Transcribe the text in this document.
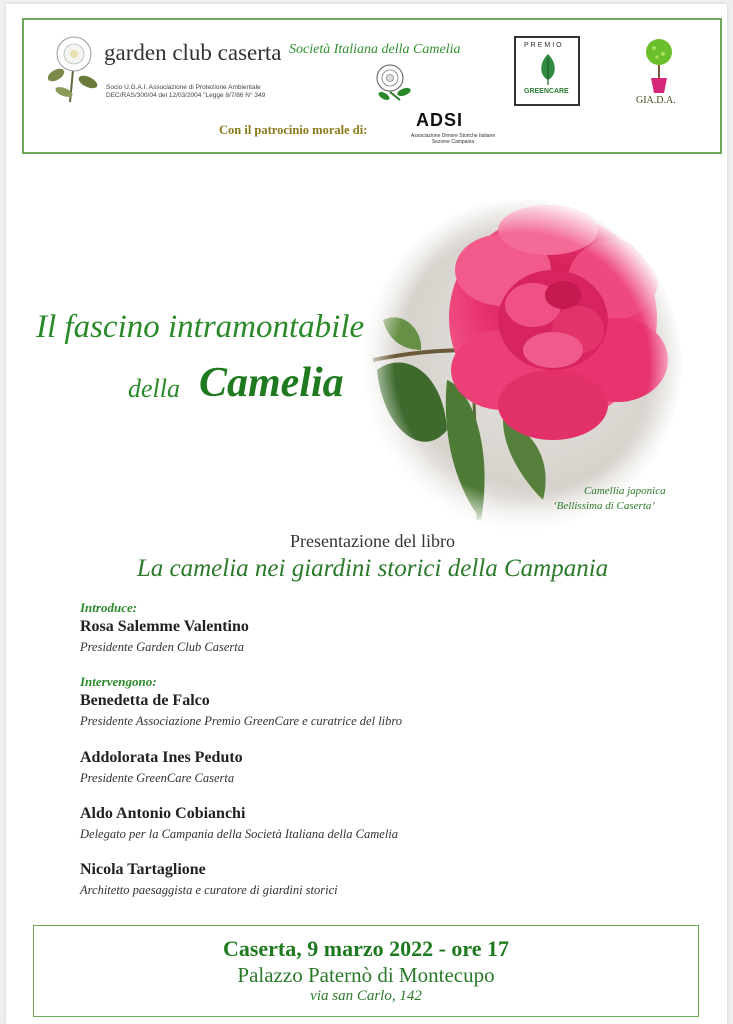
garden club caserta
Socio U.G.A.I. Associazione di Protezione Ambientale
DEC/RAS/300/04 del 12/03/2004 "Legge 8/7/86 N° 349
Società Italiana della Camelia	PREMIO
GREENCARE
GIA.D.A.
Con il patrocinio morale di:	ADSI
Associazione Dimore Storiche Italiane
Sezione Campania
Il fascino intramontabile
della Camelia
Camellia japonica
‘Bellissima di Caserta’
Presentazione del libro
La camelia nei giardini storici della Campania
Introduce:
Rosa Salemme Valentino
Presidente Garden Club Caserta
Intervengono:
Benedetta de Falco
Presidente Associazione Premio GreenCare e curatrice del libro
Addolorata Ines Peduto
Presidente GreenCare Caserta
Aldo Antonio Cobianchi
Delegato per la Campania della Società Italiana della Camelia
Nicola Tartaglione
Architetto paesaggista e curatore di giardini storici
Caserta, 9 marzo 2022 - ore 17
Palazzo Paternò di Montecupo
via san Carlo, 142
